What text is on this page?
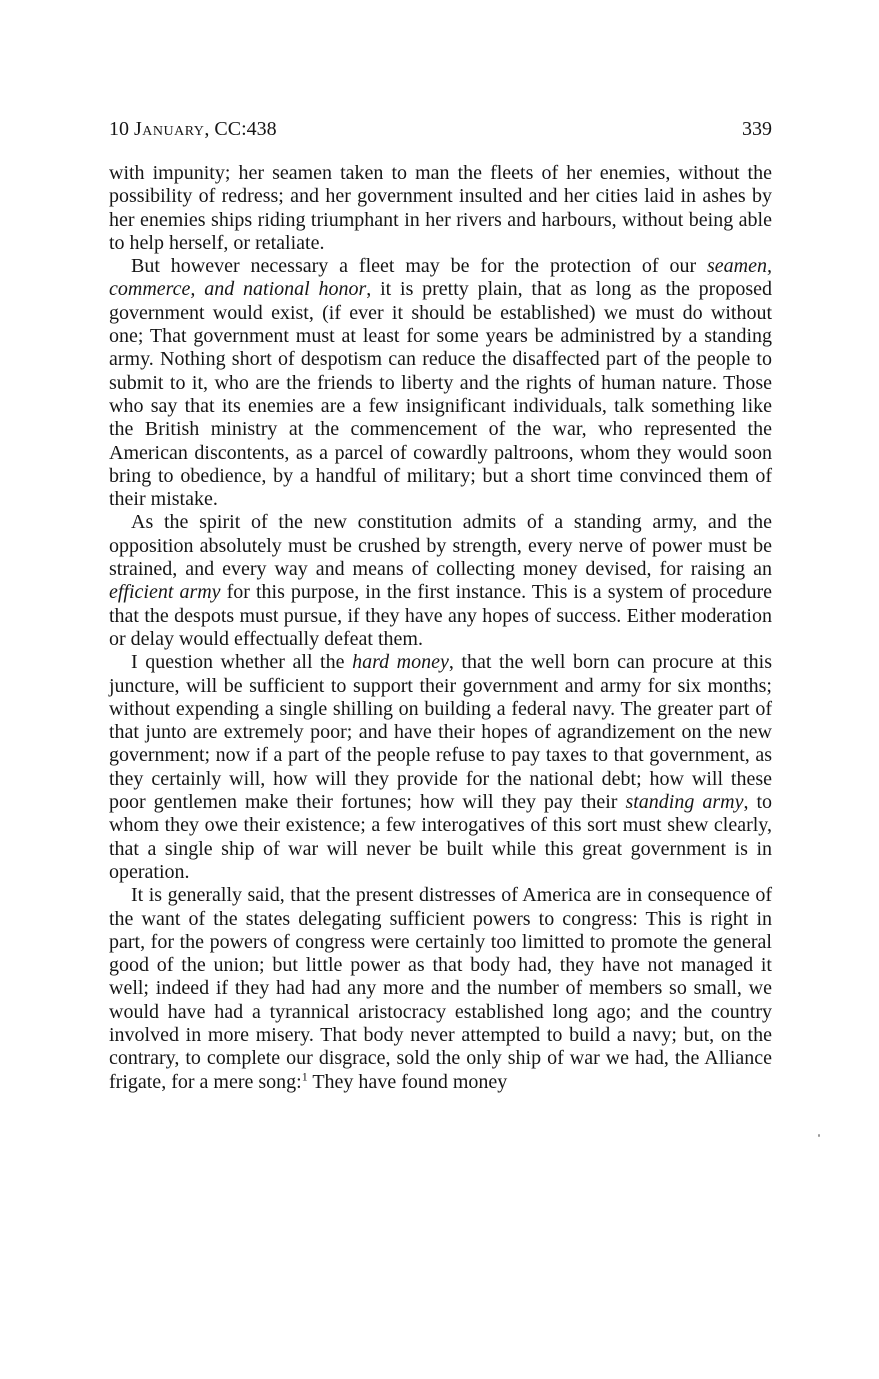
10 January, CC:438	339

with impunity; her seamen taken to man the fleets of her enemies, without the possibility of redress; and her government insulted and her cities laid in ashes by her enemies ships riding triumphant in her rivers and harbours, without being able to help herself, or retaliate.

But however necessary a fleet may be for the protection of our seamen, commerce, and national honor, it is pretty plain, that as long as the proposed government would exist, (if ever it should be established) we must do without one; That government must at least for some years be administred by a standing army. Nothing short of despotism can reduce the disaffected part of the people to submit to it, who are the friends to liberty and the rights of human nature. Those who say that its enemies are a few insignificant individuals, talk something like the British ministry at the commencement of the war, who represented the American discontents, as a parcel of cowardly paltroons, whom they would soon bring to obedience, by a handful of military; but a short time convinced them of their mistake.

As the spirit of the new constitution admits of a standing army, and the opposition absolutely must be crushed by strength, every nerve of power must be strained, and every way and means of collecting money devised, for raising an efficient army for this purpose, in the first instance. This is a system of procedure that the despots must pursue, if they have any hopes of success. Either moderation or delay would effectually defeat them.

I question whether all the hard money, that the well born can procure at this juncture, will be sufficient to support their government and army for six months; without expending a single shilling on building a federal navy. The greater part of that junto are extremely poor; and have their hopes of agrandizement on the new government; now if a part of the people refuse to pay taxes to that government, as they certainly will, how will they provide for the national debt; how will these poor gentlemen make their fortunes; how will they pay their standing army, to whom they owe their existence; a few interogatives of this sort must shew clearly, that a single ship of war will never be built while this great government is in operation.

It is generally said, that the present distresses of America are in consequence of the want of the states delegating sufficient powers to congress: This is right in part, for the powers of congress were certainly too limitted to promote the general good of the union; but little power as that body had, they have not managed it well; indeed if they had had any more and the number of members so small, we would have had a tyrannical aristocracy established long ago; and the country involved in more misery. That body never attempted to build a navy; but, on the contrary, to complete our disgrace, sold the only ship of war we had, the Alliance frigate, for a mere song:$^1$ They have found money
